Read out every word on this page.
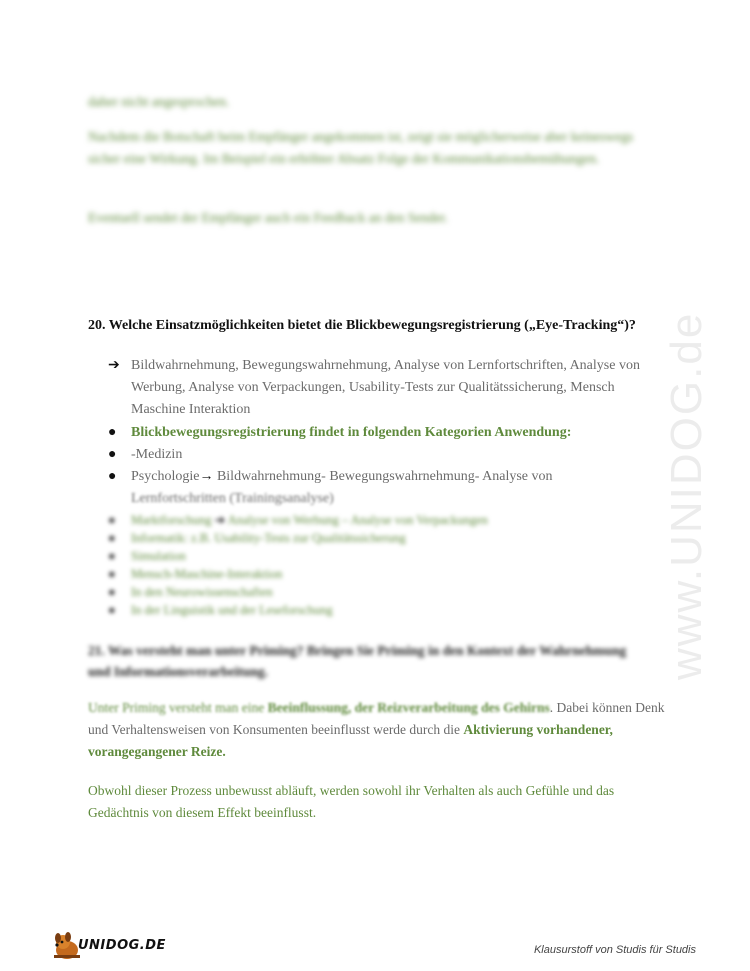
daher nicht angesprochen.
Nachdem die Botschaft beim Empfänger angekommen ist, zeigt sie möglicherweise aber keineswegs sicher eine Wirkung. Im Beispiel ein erhöhter Absatz Folge der Kommunikationsbemühungen.
Eventuell sendet der Empfänger auch ein Feedback an den Sender.
www.UNIDOG.de
20. Welche Einsatzmöglichkeiten bietet die Blickbewegungsregistrierung („Eye-Tracking“)?
➔ Bildwahrnehmung, Bewegungswahrnehmung, Analyse von Lernfortschriften, Analyse von Werbung, Analyse von Verpackungen, Usability-Tests zur Qualitätssicherung, Mensch Maschine Interaktion
● Blickbewegungsregistrierung findet in folgenden Kategorien Anwendung:
● -Medizin
● Psychologie→ Bildwahrnehmung- Bewegungswahrnehmung- Analyse von
Lernfortschritten (Trainingsanalyse)
● Marktforschung ➔ Analyse von Werbung – Analyse von Verpackungen
● Informatik: z.B. Usability-Tests zur Qualitätssicherung
● Simulation
● Mensch-Maschine-Interaktion
● In den Neurowissenschaften
● In der Linguistik und der Leseforschung
21. Was versteht man unter Priming? Bringen Sie Priming in den Kontext der Wahrnehmung und Informationsverarbeitung.
Unter Priming versteht man eine Beeinflussung, der Reizverarbeitung des Gehirns. Dabei können Denk und Verhaltensweisen von Konsumenten beeinflusst werde durch die Aktivierung vorhandener, vorangegangener Reize.
Obwohl dieser Prozess unbewusst abläuft, werden sowohl ihr Verhalten als auch Gefühle und das Gedächtnis von diesem Effekt beeinflusst.
UNIDOG.DE	Klausurstoff von Studis für Studis
